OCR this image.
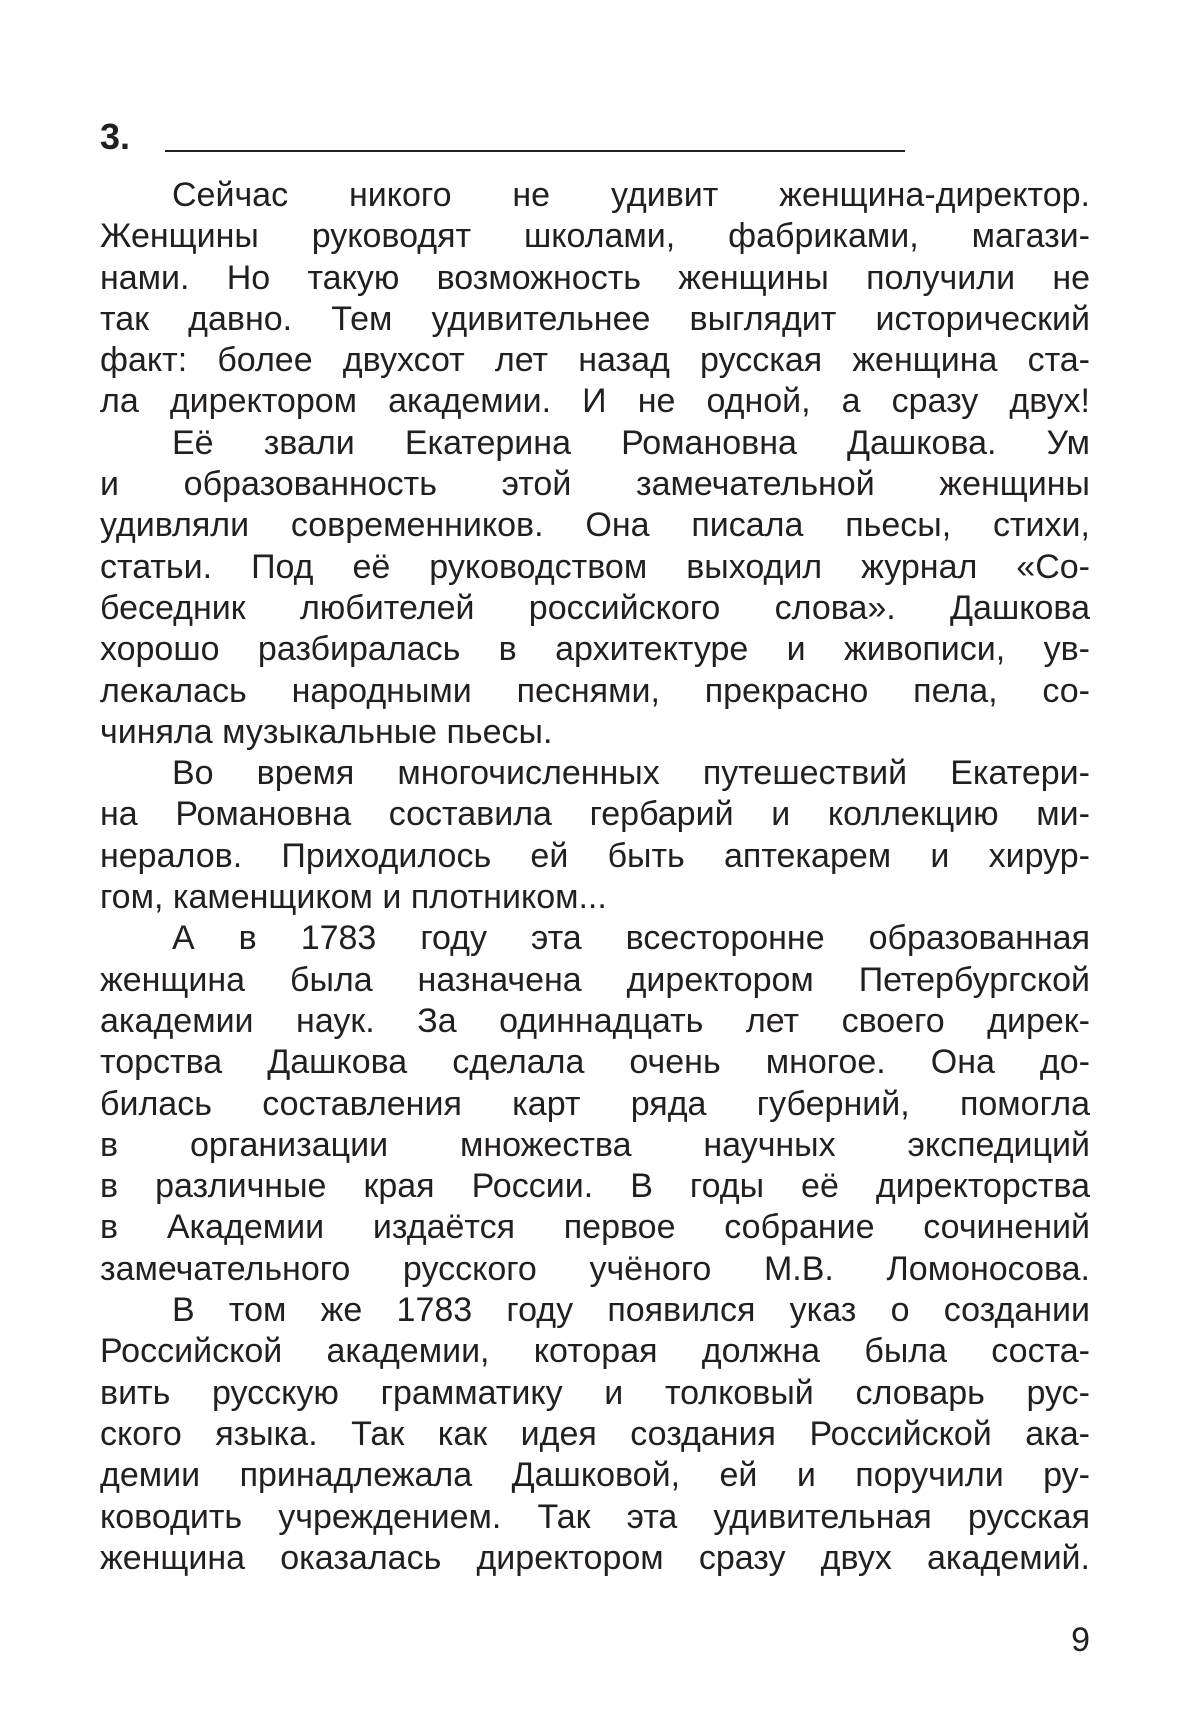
3.
Сейчас никого не удивит женщина-директор.
Женщины руководят школами, фабриками, магази-
нами. Но такую возможность женщины получили не
так давно. Тем удивительнее выглядит исторический
факт: более двухсот лет назад русская женщина ста-
ла директором академии. И не одной, а сразу двух!
Её звали Екатерина Романовна Дашкова. Ум
и образованность этой замечательной женщины
удивляли современников. Она писала пьесы, стихи,
статьи. Под её руководством выходил журнал «Со-
беседник любителей российского слова». Дашкова
хорошо разбиралась в архитектуре и живописи, ув-
лекалась народными песнями, прекрасно пела, со-
чиняла музыкальные пьесы.
Во время многочисленных путешествий Екатери-
на Романовна составила гербарий и коллекцию ми-
нералов. Приходилось ей быть аптекарем и хирур-
гом, каменщиком и плотником...
А в 1783 году эта всесторонне образованная
женщина была назначена директором Петербургской
академии наук. За одиннадцать лет своего дирек-
торства Дашкова сделала очень многое. Она до-
билась составления карт ряда губерний, помогла
в организации множества научных экспедиций
в различные края России. В годы её директорства
в Академии издаётся первое собрание сочинений
замечательного русского учёного М.В. Ломоносова.
В том же 1783 году появился указ о создании
Российской академии, которая должна была соста-
вить русскую грамматику и толковый словарь рус-
ского языка. Так как идея создания Российской ака-
демии принадлежала Дашковой, ей и поручили ру-
ководить учреждением. Так эта удивительная русская
женщина оказалась директором сразу двух академий.
9
